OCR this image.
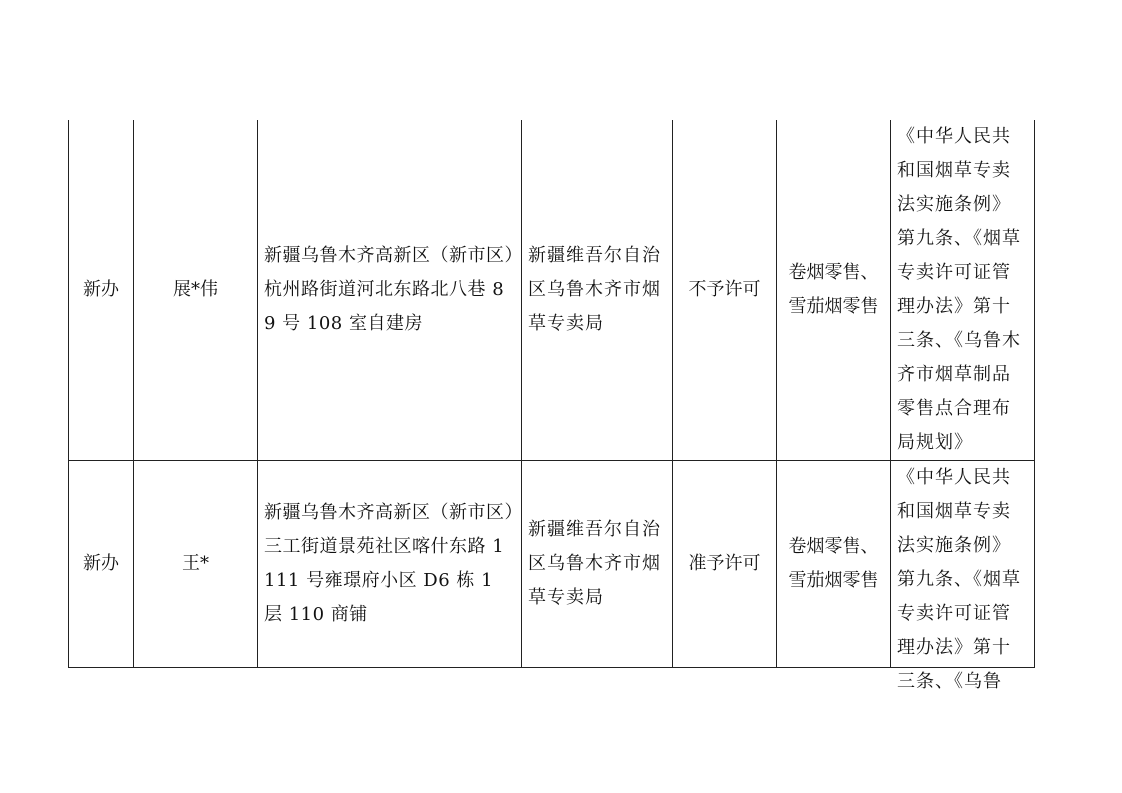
新办	展*伟	新疆乌鲁木齐高新区（新市区）杭州路街道河北东路北八巷 89 号 108 室自建房	新疆维吾尔自治区乌鲁木齐市烟草专卖局	不予许可	卷烟零售、雪茄烟零售	《中华人民共和国烟草专卖法实施条例》第九条、《烟草专卖许可证管理办法》第十三条、《乌鲁木齐市烟草制品零售点合理布局规划》
新办	王*	新疆乌鲁木齐高新区（新市区）三工街道景苑社区喀什东路 1111 号雍璟府小区 D6 栋 1 层 110 商铺	新疆维吾尔自治区乌鲁木齐市烟草专卖局	准予许可	卷烟零售、雪茄烟零售	《中华人民共和国烟草专卖法实施条例》第九条、《烟草专卖许可证管理办法》第十三条、《乌鲁
